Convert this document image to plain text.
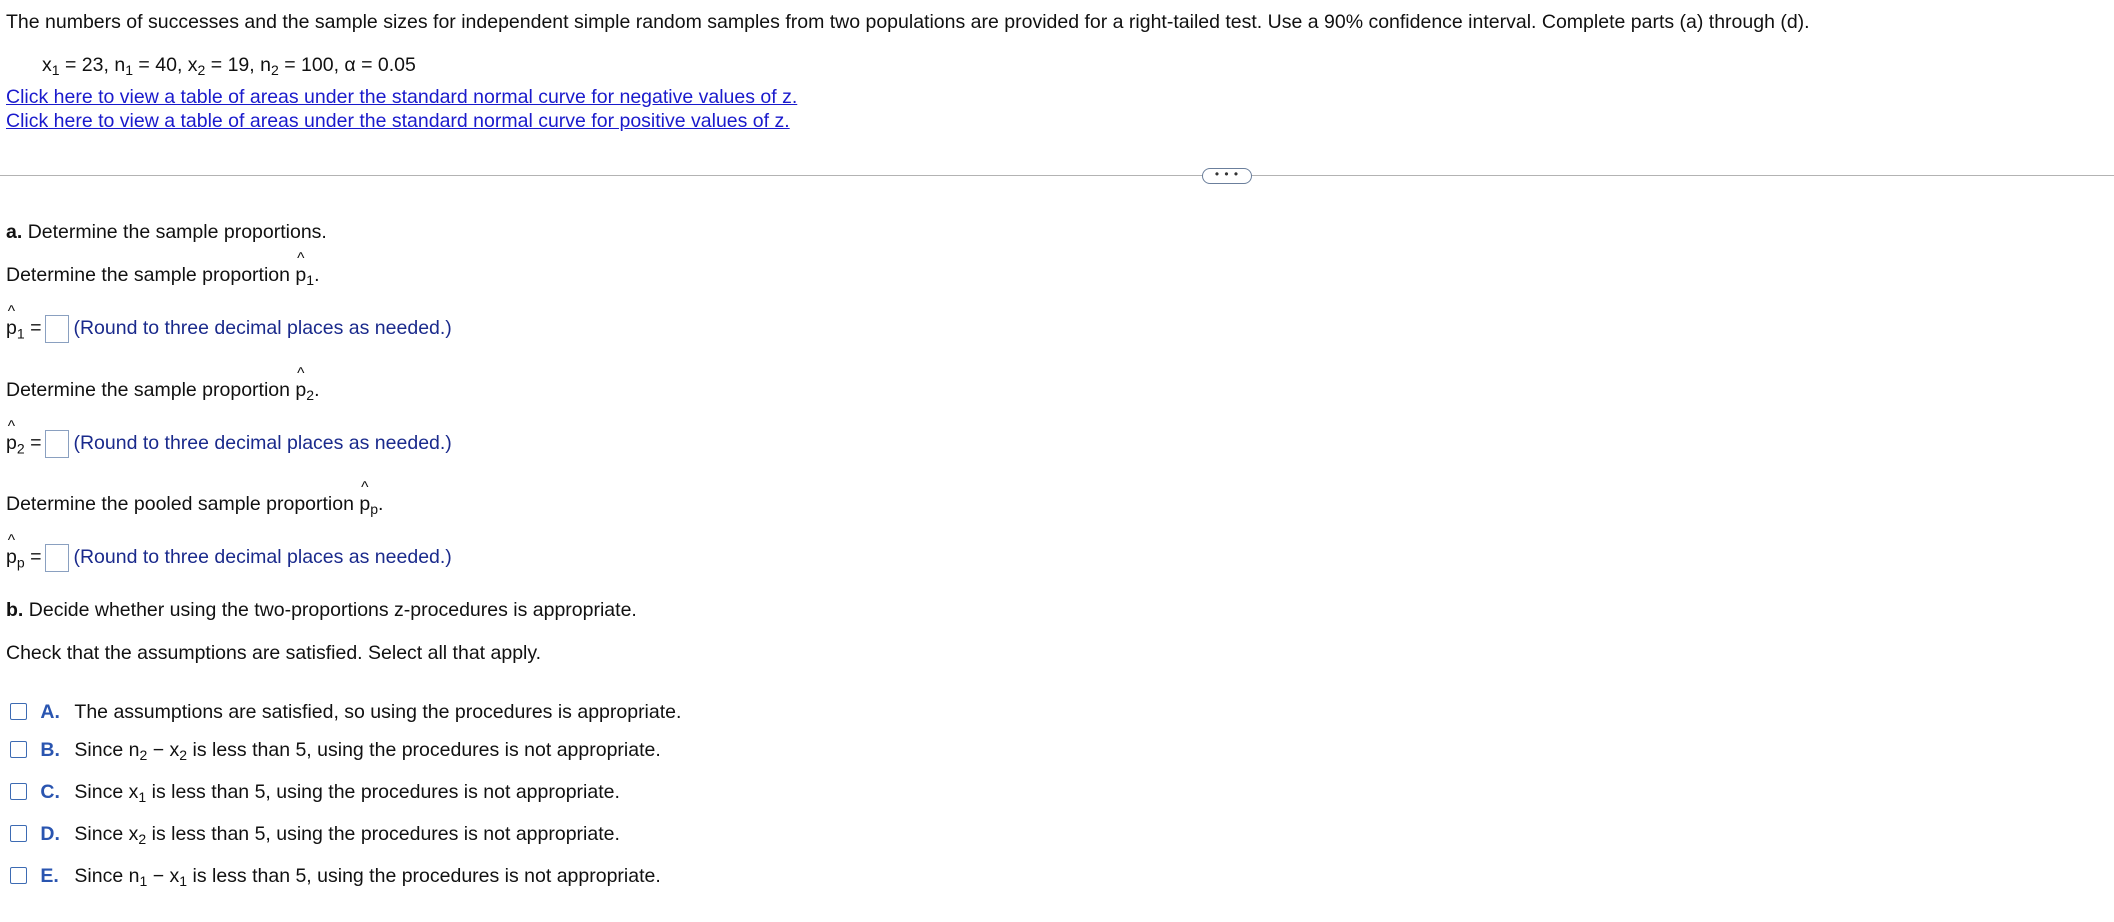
The numbers of successes and the sample sizes for independent simple random samples from two populations are provided for a right-tailed test. Use a 90% confidence interval. Complete parts (a) through (d).
$x_1 = 23$, $n_1 = 40$, $x_2 = 19$, $n_2 = 100$, α = 0.05
Click here to view a table of areas under the standard normal curve for negative values of z.
Click here to view a table of areas under the standard normal curve for positive values of z.
• • •
a. Determine the sample proportions.
Determine the sample proportion ^ $p_1$.
^ $p_1$ = (Round to three decimal places as needed.)
Determine the sample proportion ^ $p_2$.
^ $p_2$ = (Round to three decimal places as needed.)
Determine the pooled sample proportion ^ $p_p$.
^ $p_p$ = (Round to three decimal places as needed.)
b. Decide whether using the two-proportions z-procedures is appropriate.
Check that the assumptions are satisfied. Select all that apply.
A. The assumptions are satisfied, so using the procedures is appropriate.
B. Since $n_2 - x_2$ is less than 5, using the procedures is not appropriate.
C. Since $x_1$ is less than 5, using the procedures is not appropriate.
D. Since $x_2$ is less than 5, using the procedures is not appropriate.
E. Since $n_1 - x_1$ is less than 5, using the procedures is not appropriate.
